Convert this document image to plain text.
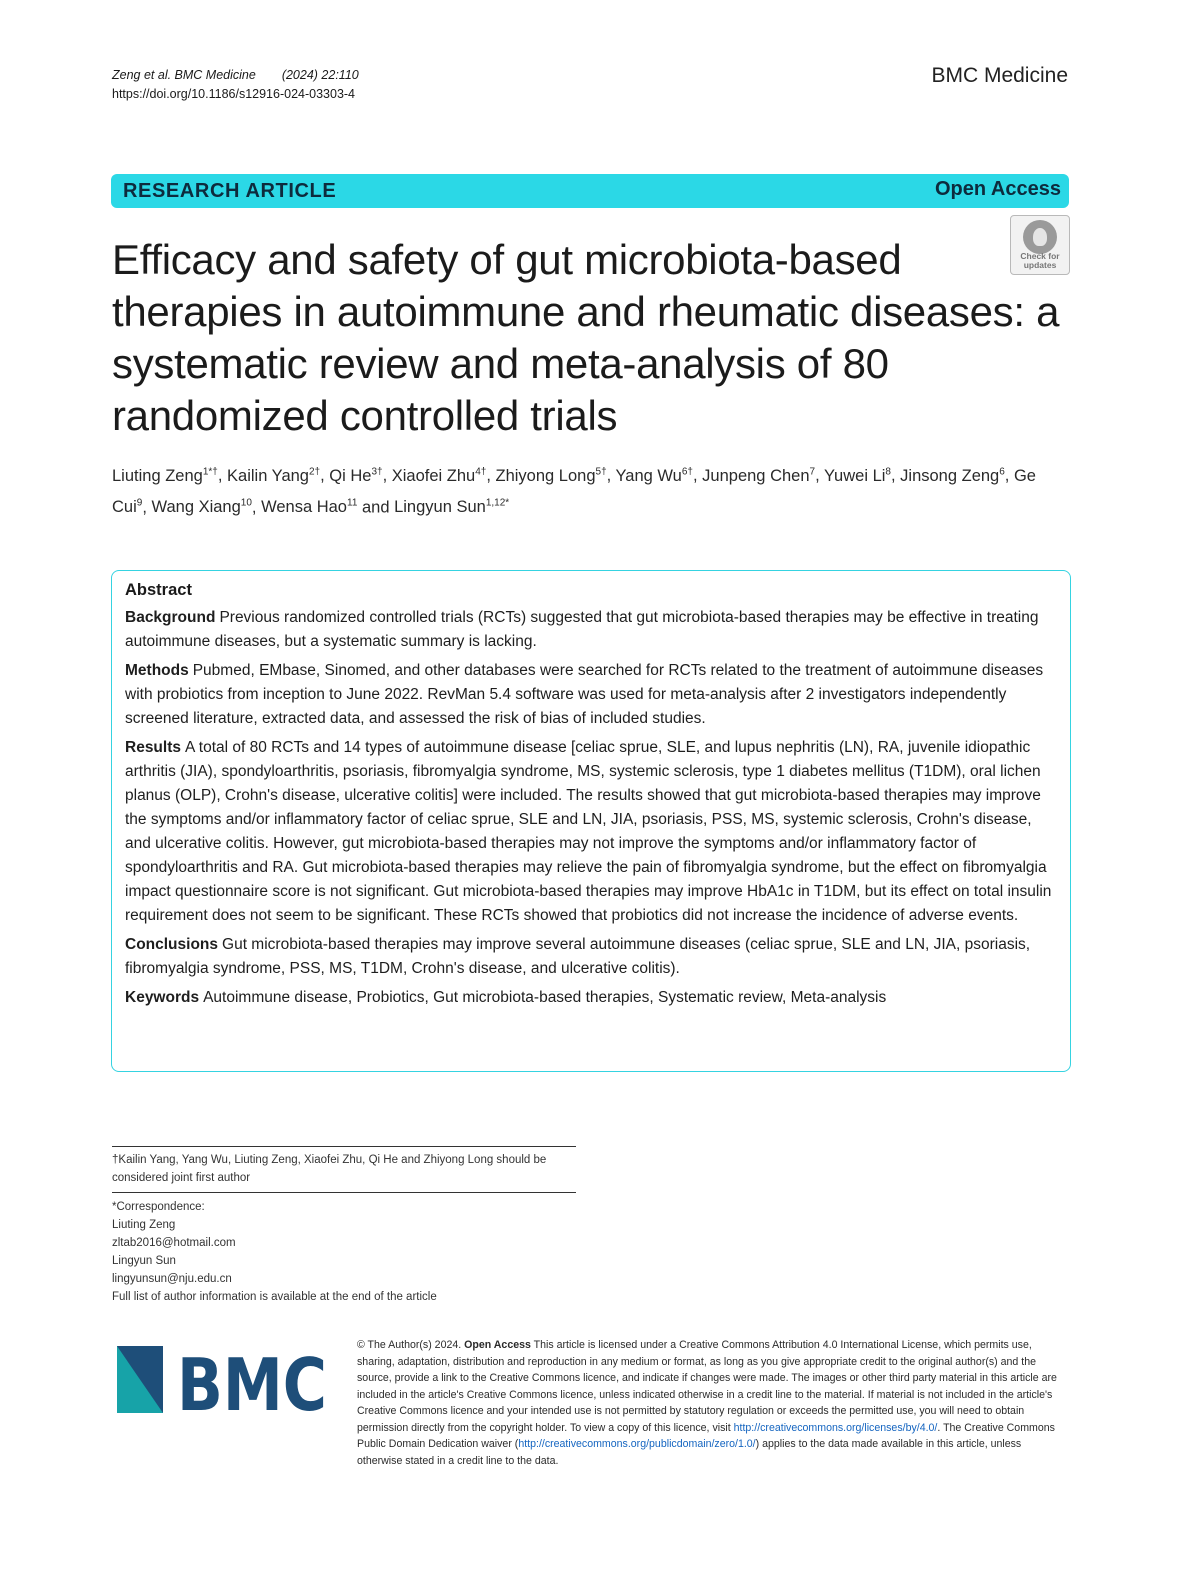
Zeng et al. BMC Medicine (2024) 22:110
https://doi.org/10.1186/s12916-024-03303-4
BMC Medicine
RESEARCH ARTICLE	Open Access
Check for updates
Efficacy and safety of gut microbiota-based therapies in autoimmune and rheumatic diseases: a systematic review and meta-analysis of 80 randomized controlled trials
Liuting Zeng$^{1*\dagger}$, Kailin Yang$^{2\dagger}$, Qi $He^{3\dagger}$, Xiaofei Zhu$^{4\dagger}$, Zhiyong Long$^{5\dagger}$, Yang $Wu^{6\dagger}$, Junpeng Chen$^7$, Yuwei Li$^8$, Jinsong Zeng$^6$, Ge Cui$^9$, Wang Xiang$^{10}$, Wensa Hao$^{11}$ and Lingyun Sun$^{1,12*}$
Abstract

Background Previous randomized controlled trials (RCTs) suggested that gut microbiota-based therapies may be effective in treating autoimmune diseases, but a systematic summary is lacking.

Methods Pubmed, EMbase, Sinomed, and other databases were searched for RCTs related to the treatment of autoimmune diseases with probiotics from inception to June 2022. RevMan 5.4 software was used for meta-analysis after 2 investigators independently screened literature, extracted data, and assessed the risk of bias of included studies.

Results A total of 80 RCTs and 14 types of autoimmune disease [celiac sprue, SLE, and lupus nephritis (LN), RA, juvenile idiopathic arthritis (JIA), spondyloarthritis, psoriasis, fibromyalgia syndrome, MS, systemic sclerosis, type 1 diabetes mellitus (T1DM), oral lichen planus (OLP), Crohn's disease, ulcerative colitis] were included. The results showed that gut microbiota-based therapies may improve the symptoms and/or inflammatory factor of celiac sprue, SLE and LN, JIA, psoriasis, PSS, MS, systemic sclerosis, Crohn's disease, and ulcerative colitis. However, gut microbiota-based therapies may not improve the symptoms and/or inflammatory factor of spondyloarthritis and RA. Gut microbiota-based therapies may relieve the pain of fibromyalgia syndrome, but the effect on fibromyalgia impact questionnaire score is not significant. Gut microbiota-based therapies may improve HbA1c in T1DM, but its effect on total insulin requirement does not seem to be significant. These RCTs showed that probiotics did not increase the incidence of adverse events.

Conclusions Gut microbiota-based therapies may improve several autoimmune diseases (celiac sprue, SLE and LN, JIA, psoriasis, fibromyalgia syndrome, PSS, MS, T1DM, Crohn's disease, and ulcerative colitis).

Keywords Autoimmune disease, Probiotics, Gut microbiota-based therapies, Systematic review, Meta-analysis

†Kailin Yang, Yang Wu, Liuting Zeng, Xiaofei Zhu, Qi He and Zhiyong Long should be considered joint first author
*Correspondence:
Liuting Zeng
zltab2016@hotmail.com
Lingyun Sun
lingyunsun@nju.edu.cn
Full list of author information is available at the end of the article
BMC	© The Author(s) 2024. Open Access This article is licensed under a Creative Commons Attribution 4.0 International License, which permits use, sharing, adaptation, distribution and reproduction in any medium or format, as long as you give appropriate credit to the original author(s) and the source, provide a link to the Creative Commons licence, and indicate if changes were made. The images or other third party material in this article are included in the article's Creative Commons licence, unless indicated otherwise in a credit line to the material. If material is not included in the article's Creative Commons licence and your intended use is not permitted by statutory regulation or exceeds the permitted use, you will need to obtain permission directly from the copyright holder. To view a copy of this licence, visit http://creativecommons.org/licenses/by/4.0/. The Creative Commons Public Domain Dedication waiver (http://creativecommons.org/publicdomain/zero/1.0/) applies to the data made available in this article, unless otherwise stated in a credit line to the data.
